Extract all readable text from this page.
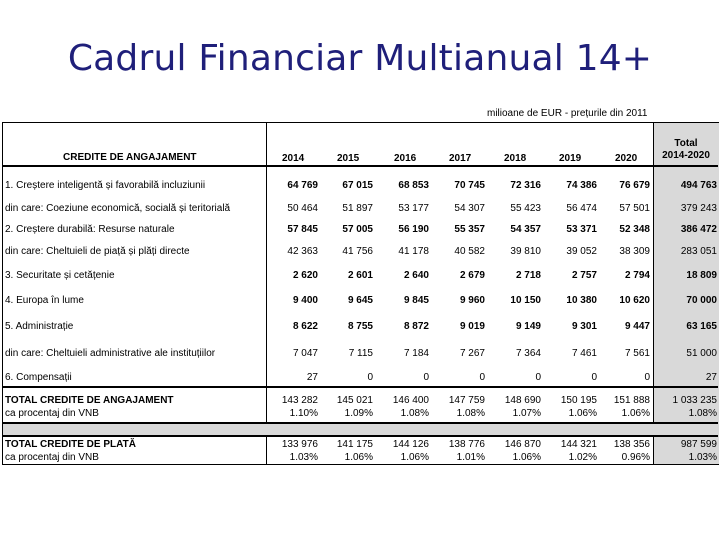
Cadrul Financiar Multianual 14+
milioane de EUR - prețurile din 2011
CREDITE DE ANGAJAMENT	2014	2015	2016	2017	2018	2019	2020
Total
2014-2020
1. Creștere inteligentă și favorabilă incluziunii	64 769	67 015	68 853	70 745	72 316	74 386	76 679	494 763
din care: Coeziune economică, socială și teritorială	50 464	51 897	53 177	54 307	55 423	56 474	57 501	379 243
2. Creștere durabilă: Resurse naturale	57 845	57 005	56 190	55 357	54 357	53 371	52 348	386 472
din care: Cheltuieli de piață și plăți directe	42 363	41 756	41 178	40 582	39 810	39 052	38 309	283 051
3. Securitate și cetățenie	2 620	2 601	2 640	2 679	2 718	2 757	2 794	18 809
4. Europa în lume	9 400	9 645	9 845	9 960	10 150	10 380	10 620	70 000
5. Administrație	8 622	8 755	8 872	9 019	9 149	9 301	9 447	63 165
din care: Cheltuieli administrative ale instituțiilor	7 047	7 115	7 184	7 267	7 364	7 461	7 561	51 000
6. Compensații	27	0	0	0	0	0	0	27
TOTAL CREDITE DE ANGAJAMENT	143 282	145 021	146 400	147 759	148 690	150 195	151 888	1 033 235
ca procentaj din VNB	1.10%	1.09%	1.08%	1.08%	1.07%	1.06%	1.06%	1.08%
TOTAL CREDITE DE PLATĂ	133 976	141 175	144 126	138 776	146 870	144 321	138 356	987 599
ca procentaj din VNB	1.03%	1.06%	1.06%	1.01%	1.06%	1.02%	0.96%	1.03%
